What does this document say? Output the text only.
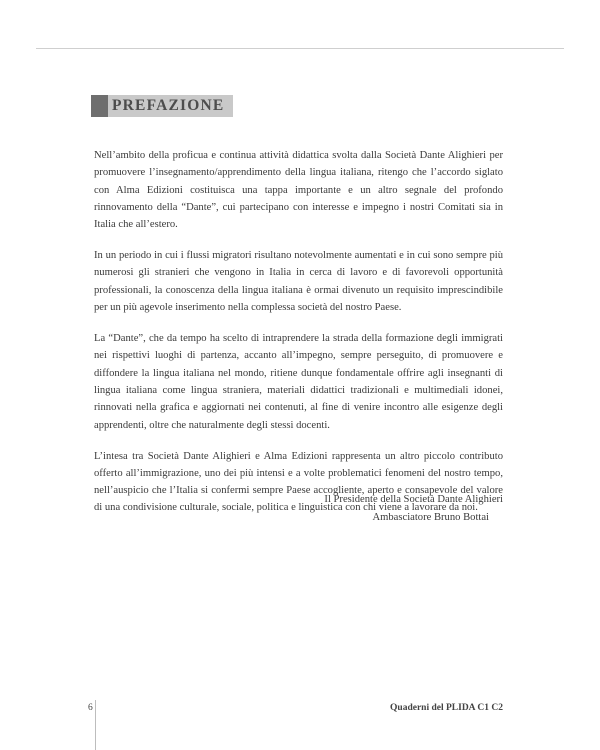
PREFAZIONE

Nell’ambito della proficua e continua attività didattica svolta dalla Società Dante Alighieri per promuovere l’insegnamento/apprendimento della lingua italiana, ritengo che l’accordo siglato con Alma Edizioni costituisca una tappa importante e un altro segnale del profondo rinnovamento della “Dante”, cui partecipano con interesse e impegno i nostri Comitati sia in Italia che all’estero.

In un periodo in cui i flussi migratori risultano notevolmente aumentati e in cui sono sempre più numerosi gli stranieri che vengono in Italia in cerca di lavoro e di favorevoli opportunità professionali, la conoscenza della lingua italiana è ormai divenuto un requisito imprescindibile per un più agevole inserimento nella complessa società del nostro Paese.

La “Dante”, che da tempo ha scelto di intraprendere la strada della formazione degli immigrati nei rispettivi luoghi di partenza, accanto all’impegno, sempre perseguito, di promuovere e diffondere la lingua italiana nel mondo, ritiene dunque fondamentale offrire agli insegnanti di lingua italiana come lingua straniera, materiali didattici tradizionali e multimediali idonei, rinnovati nella grafica e aggiornati nei contenuti, al fine di venire incontro alle esigenze degli apprendenti, oltre che naturalmente degli stessi docenti.

L’intesa tra Società Dante Alighieri e Alma Edizioni rappresenta un altro piccolo contributo offerto all’immigrazione, uno dei più intensi e a volte problematici fenomeni del nostro tempo, nell’auspicio che l’Italia si confermi sempre Paese accogliente, aperto e consapevole del valore di una condivisione culturale, sociale, politica e linguistica con chi viene a lavorare da noi.

Il Presidente della Società Dante Alighieri
Ambasciatore Bruno Bottai
6	Quaderni del PLIDA C1 C2
